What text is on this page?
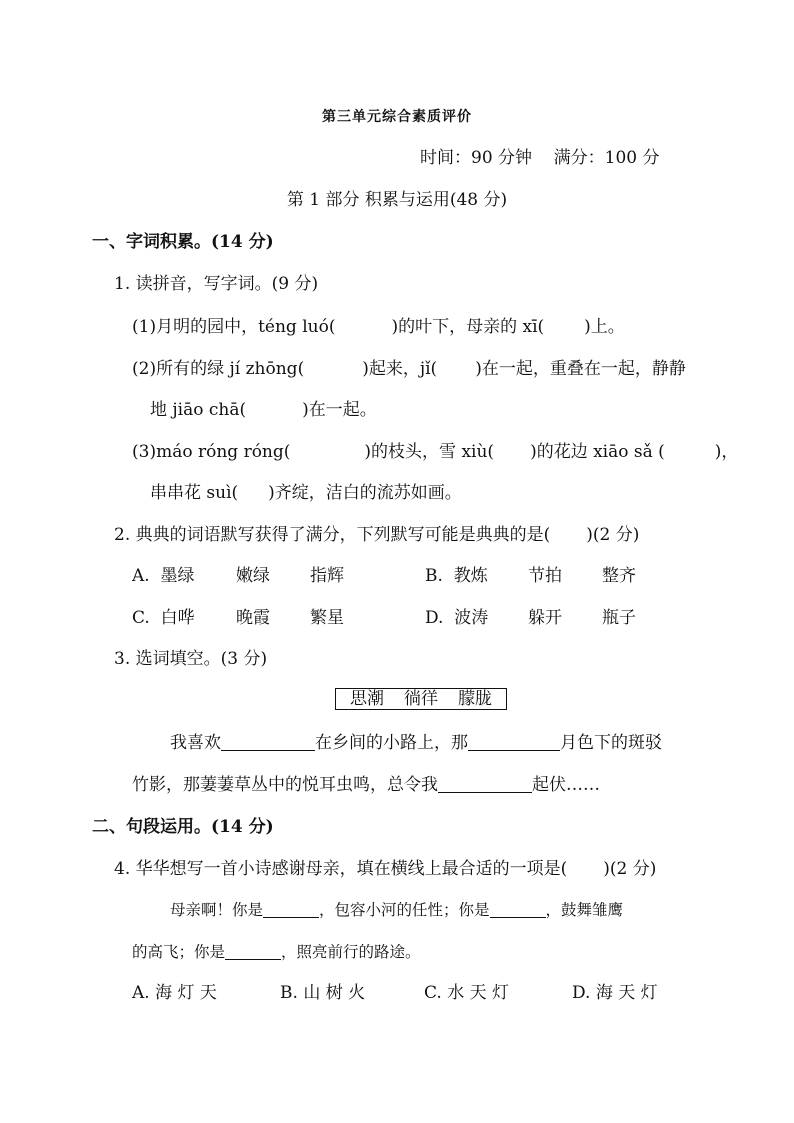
第三单元综合素质评价
时间：90 分钟 满分：100 分
第 1 部分 积累与运用(48 分)
一、字词积累。(14 分)
1. 读拼音，写字词。(9 分)
(1)月明的园中，téng luó(	)的叶下，母亲的 xī( )上。
(2)所有的绿 jí zhōng(	)起来，jǐ( )在一起，重叠在一起，静静
地 jiāo chā(	)在一起。
(3)máo róng róng(	)的枝头，雪 xiù( )的花边 xiāo sǎ (	)，
串串花 suì( )齐绽，洁白的流苏如画。
2. 典典的词语默写获得了满分，下列默写可能是典典的是( )(2 分)
A. 墨绿 嫩绿 指辉	B. 教炼 节拍 整齐
C. 白哗 晚霞 繁星	D. 波涛 躲开 瓶子
3. 选词填空。(3 分)
思潮 徜徉 朦胧
我喜欢	在乡间的小路上，那	月色下的斑驳
竹影，那萋萋草丛中的悦耳虫鸣，总令我	起伏……
二、句段运用。(14 分)
4. 华华想写一首小诗感谢母亲，填在横线上最合适的一项是( )(2 分)
母亲啊！你是	，包容小河的任性；你是	，鼓舞雏鹰
的高飞；你是	，照亮前行的路途。
A. 海 灯 天	B. 山 树 火	C. 水 天 灯	D. 海 天 灯
